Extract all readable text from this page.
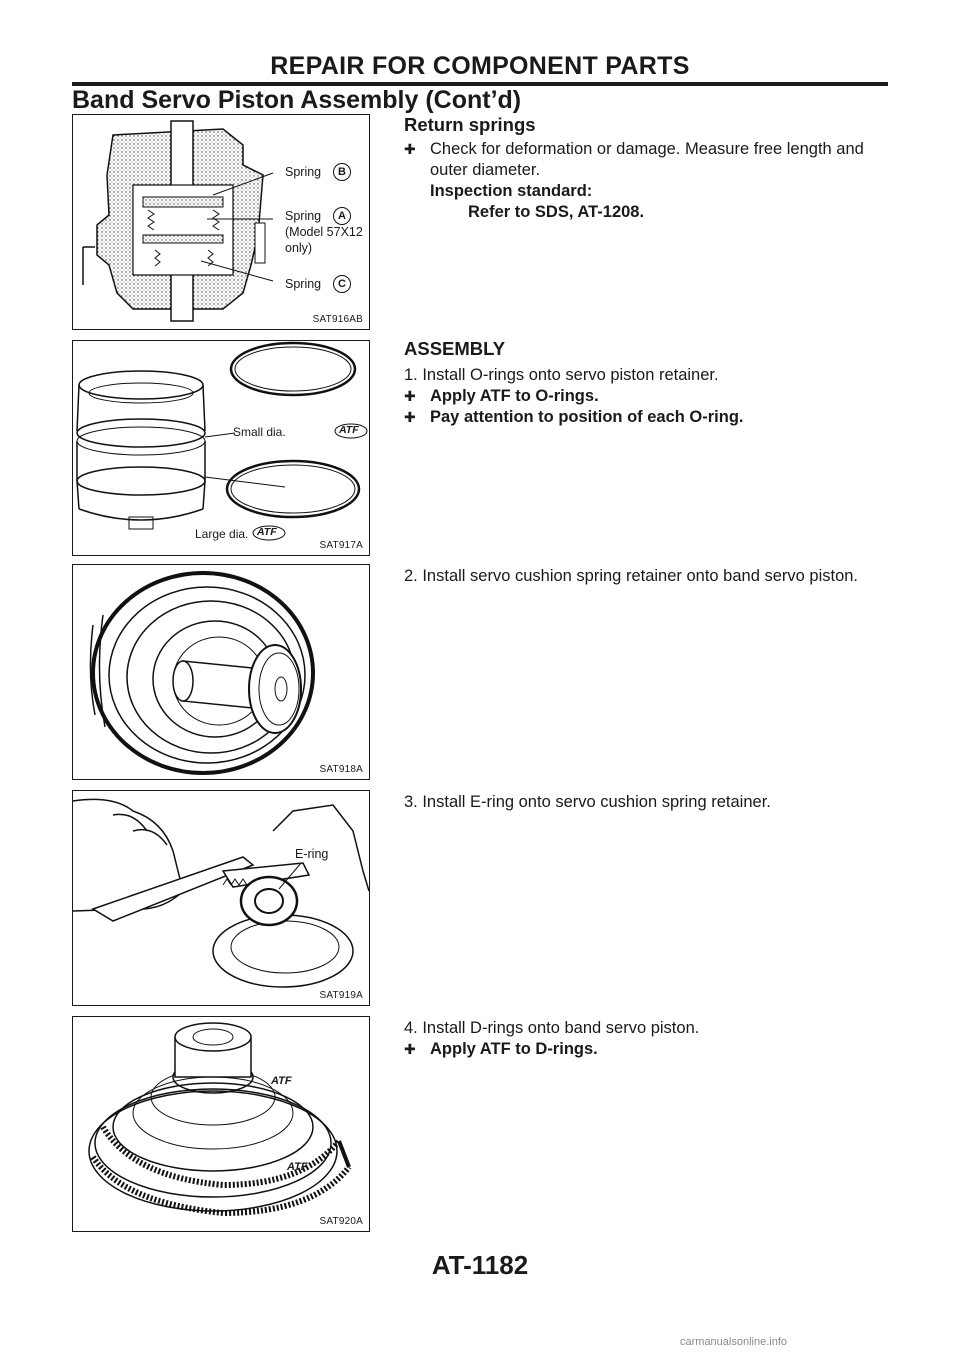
REPAIR FOR COMPONENT PARTS
Band Servo Piston Assembly (Cont’d)
Spring	B
Spring	A
(Model 57X12
only)
Spring	C
SAT916AB
Small dia.	ATF
Large dia. ATF
SAT917A
SAT918A
E-ring
SAT919A
ATF
ATF
SAT920A
Return springs
✚ Check for deformation or damage. Measure free length and outer diameter.
Inspection standard:
Refer to SDS, AT-1208.
ASSEMBLY
1. Install O-rings onto servo piston retainer.
✚ Apply ATF to O-rings.
✚ Pay attention to position of each O-ring.
2. Install servo cushion spring retainer onto band servo piston.
3. Install E-ring onto servo cushion spring retainer.
4. Install D-rings onto band servo piston.
✚ Apply ATF to D-rings.
AT-1182
carmanualsonline.info
